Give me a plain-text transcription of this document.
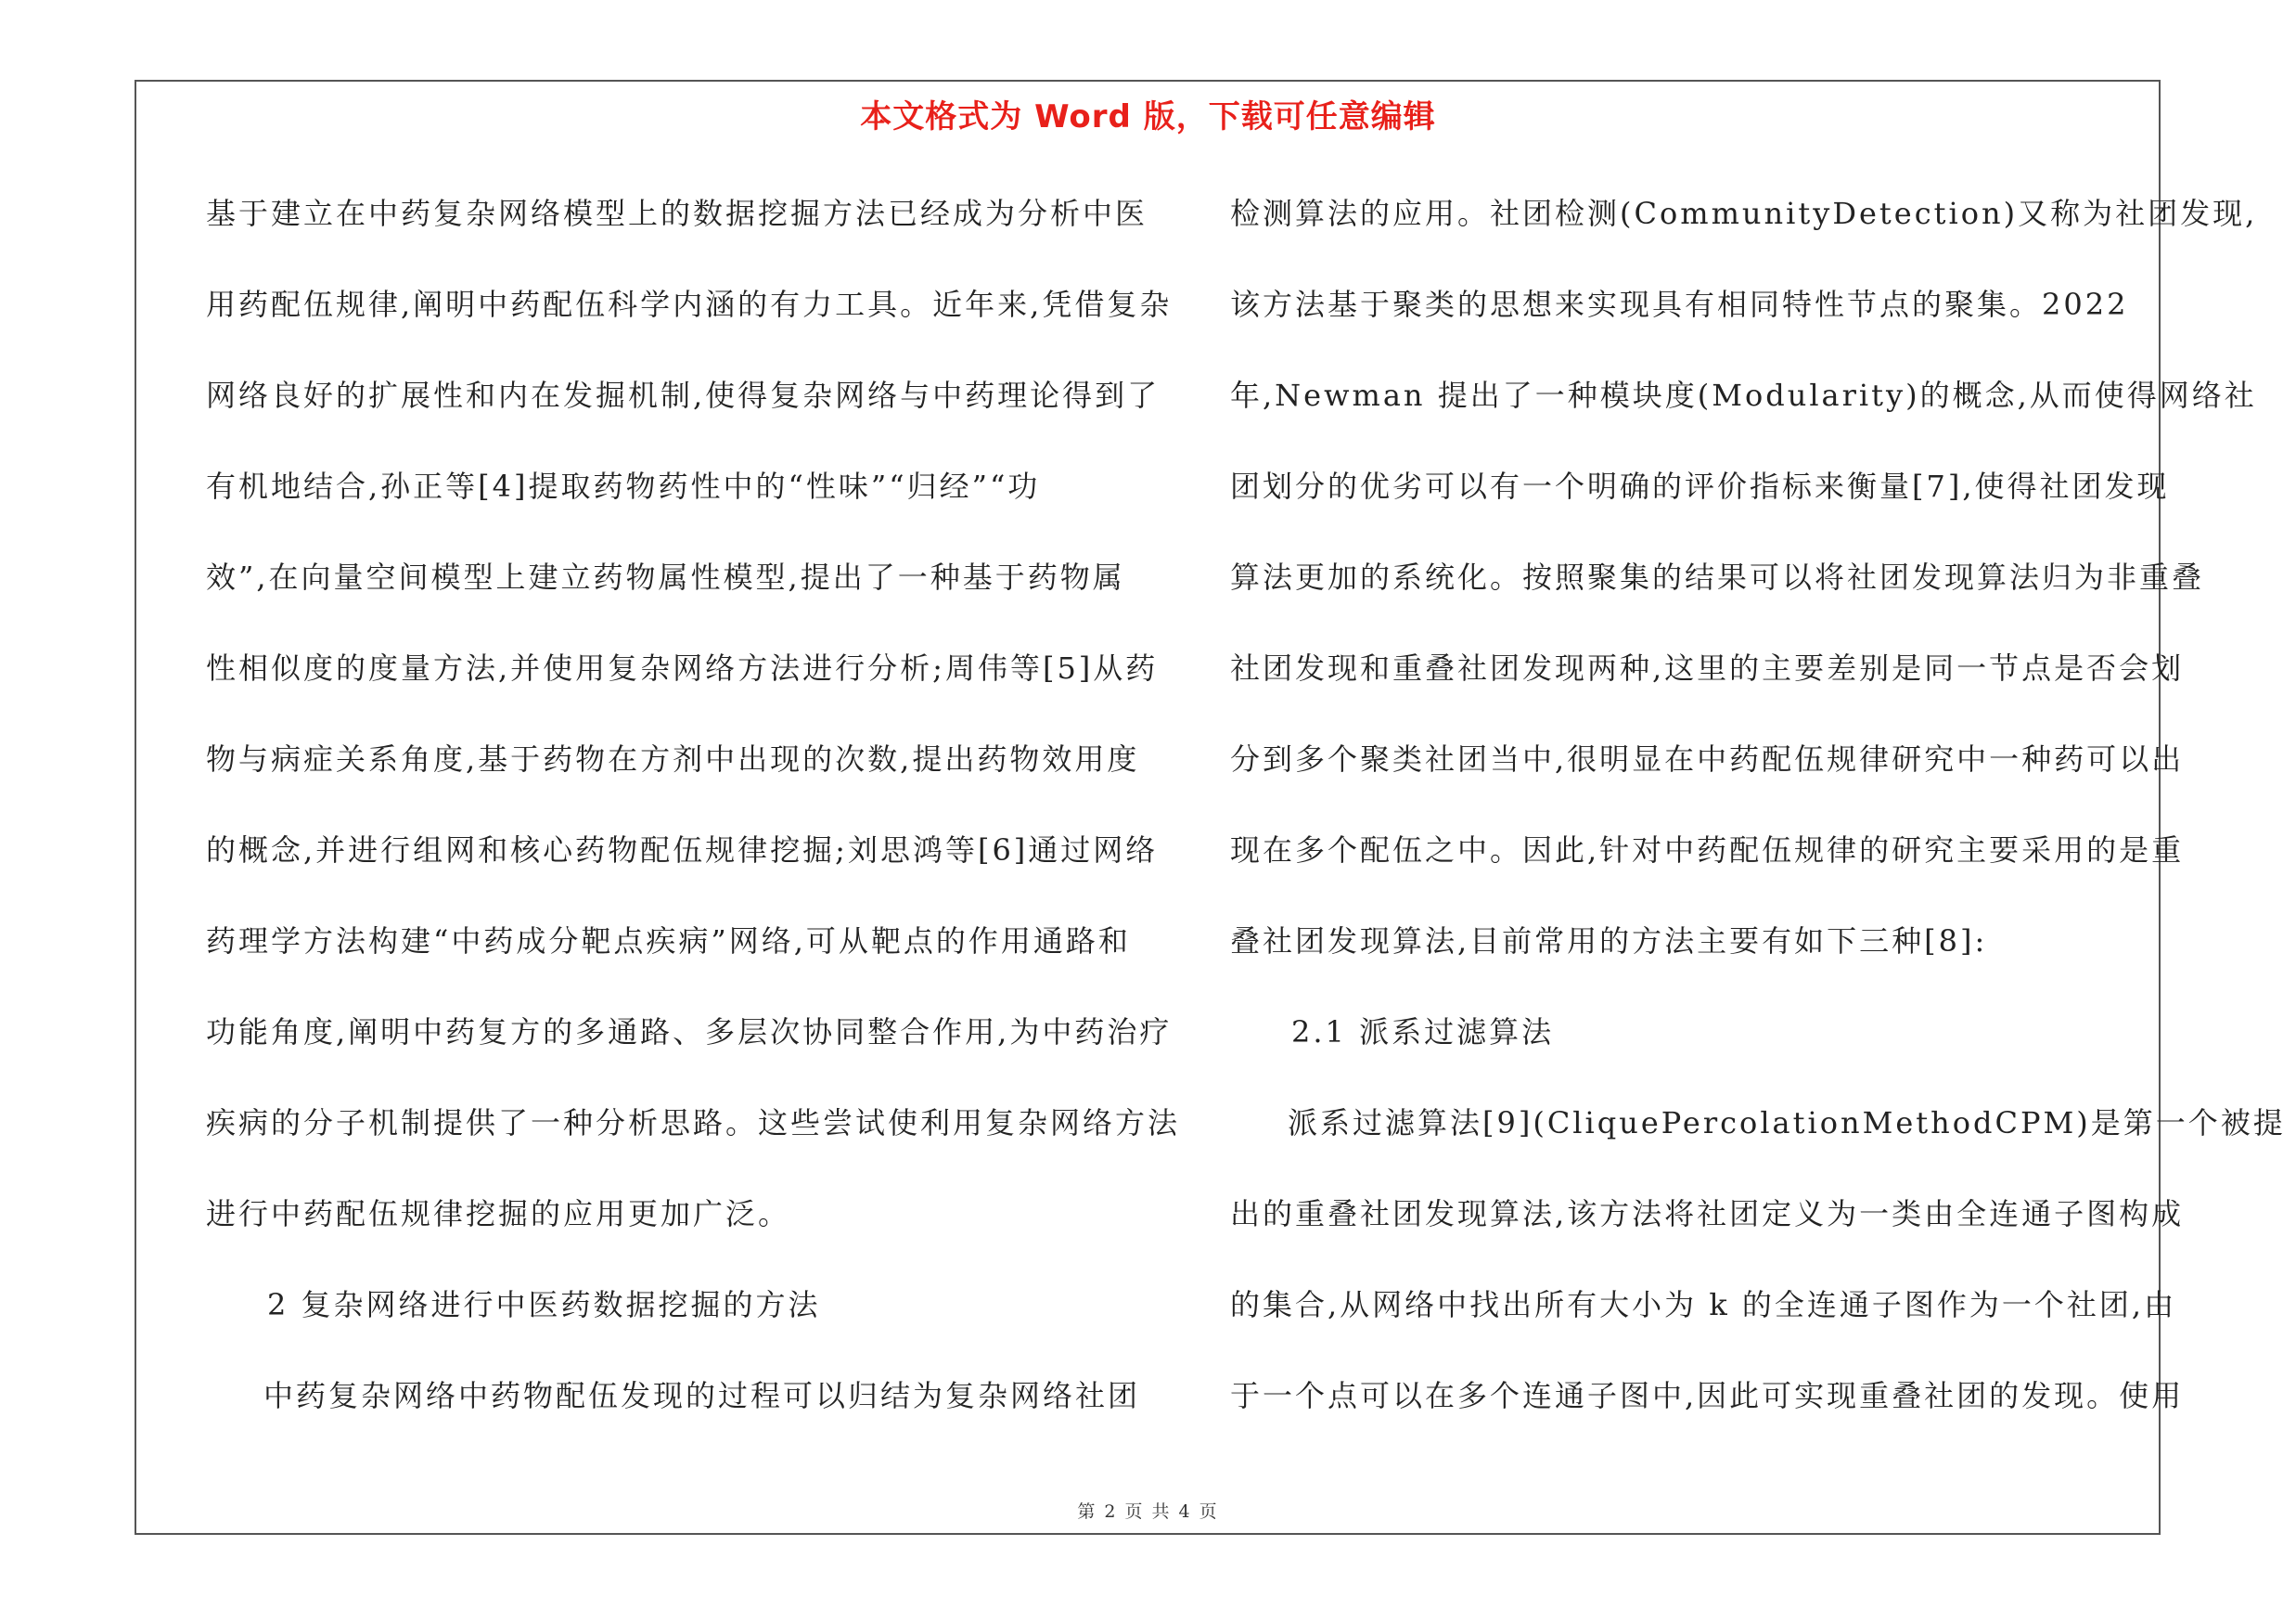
本文格式为 Word 版，下载可任意编辑
基于建立在中药复杂网络模型上的数据挖掘方法已经成为分析中医
用药配伍规律,阐明中药配伍科学内涵的有力工具。近年来,凭借复杂
网络良好的扩展性和内在发掘机制,使得复杂网络与中药理论得到了
有机地结合,孙正等[4]提取药物药性中的“性味”“归经”“功
效”,在向量空间模型上建立药物属性模型,提出了一种基于药物属
性相似度的度量方法,并使用复杂网络方法进行分析;周伟等[5]从药
物与病症关系角度,基于药物在方剂中出现的次数,提出药物效用度
的概念,并进行组网和核心药物配伍规律挖掘;刘思鸿等[6]通过网络
药理学方法构建“中药成分靶点疾病”网络,可从靶点的作用通路和
功能角度,阐明中药复方的多通路、多层次协同整合作用,为中药治疗
疾病的分子机制提供了一种分析思路。这些尝试使利用复杂网络方法
进行中药配伍规律挖掘的应用更加广泛。
2 复杂网络进行中医药数据挖掘的方法
中药复杂网络中药物配伍发现的过程可以归结为复杂网络社团
检测算法的应用。社团检测(CommunityDetection)又称为社团发现,
该方法基于聚类的思想来实现具有相同特性节点的聚集。2022
年,Newman 提出了一种模块度(Modularity)的概念,从而使得网络社
团划分的优劣可以有一个明确的评价指标来衡量[7],使得社团发现
算法更加的系统化。按照聚集的结果可以将社团发现算法归为非重叠
社团发现和重叠社团发现两种,这里的主要差别是同一节点是否会划
分到多个聚类社团当中,很明显在中药配伍规律研究中一种药可以出
现在多个配伍之中。因此,针对中药配伍规律的研究主要采用的是重
叠社团发现算法,目前常用的方法主要有如下三种[8]:
2.1 派系过滤算法
派系过滤算法[9](CliquePercolationMethodCPM)是第一个被提
出的重叠社团发现算法,该方法将社团定义为一类由全连通子图构成
的集合,从网络中找出所有大小为 k 的全连通子图作为一个社团,由
于一个点可以在多个连通子图中,因此可实现重叠社团的发现。使用
第 2 页 共 4 页
